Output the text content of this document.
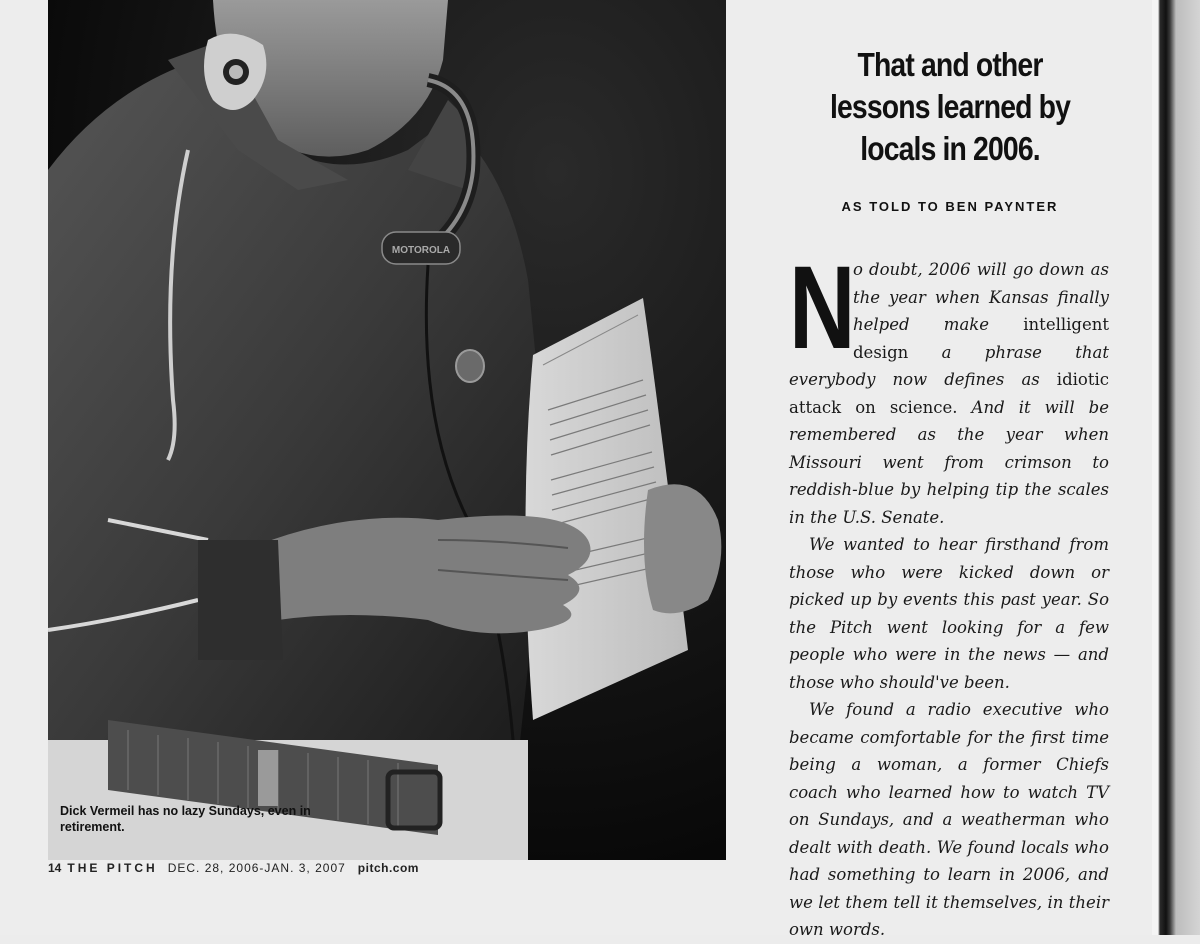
MOTOROLA
Dick Vermeil has no lazy Sundays, even in retirement.
14 THE PITCH DEC. 28, 2006-JAN. 3, 2007 pitch.com
That and other lessons learned by locals in 2006.
AS TOLD TO BEN PAYNTER

N
o doubt, 2006 will go down as the year when Kansas finally helped make intelligent design a phrase that everybody now defines as idiotic attack on science. And it will be remembered as the year when Missouri went from crimson to reddish-blue by helping tip the scales in the U.S. Senate.

We wanted to hear firsthand from those who were kicked down or picked up by events this past year. So the Pitch went looking for a few people who were in the news — and those who should've been.

We found a radio executive who became comfortable for the first time being a woman, a former Chiefs coach who learned how to watch TV on Sundays, and a weatherman who dealt with death. We found locals who had something to learn in 2006, and we let them tell it themselves, in their own words.
